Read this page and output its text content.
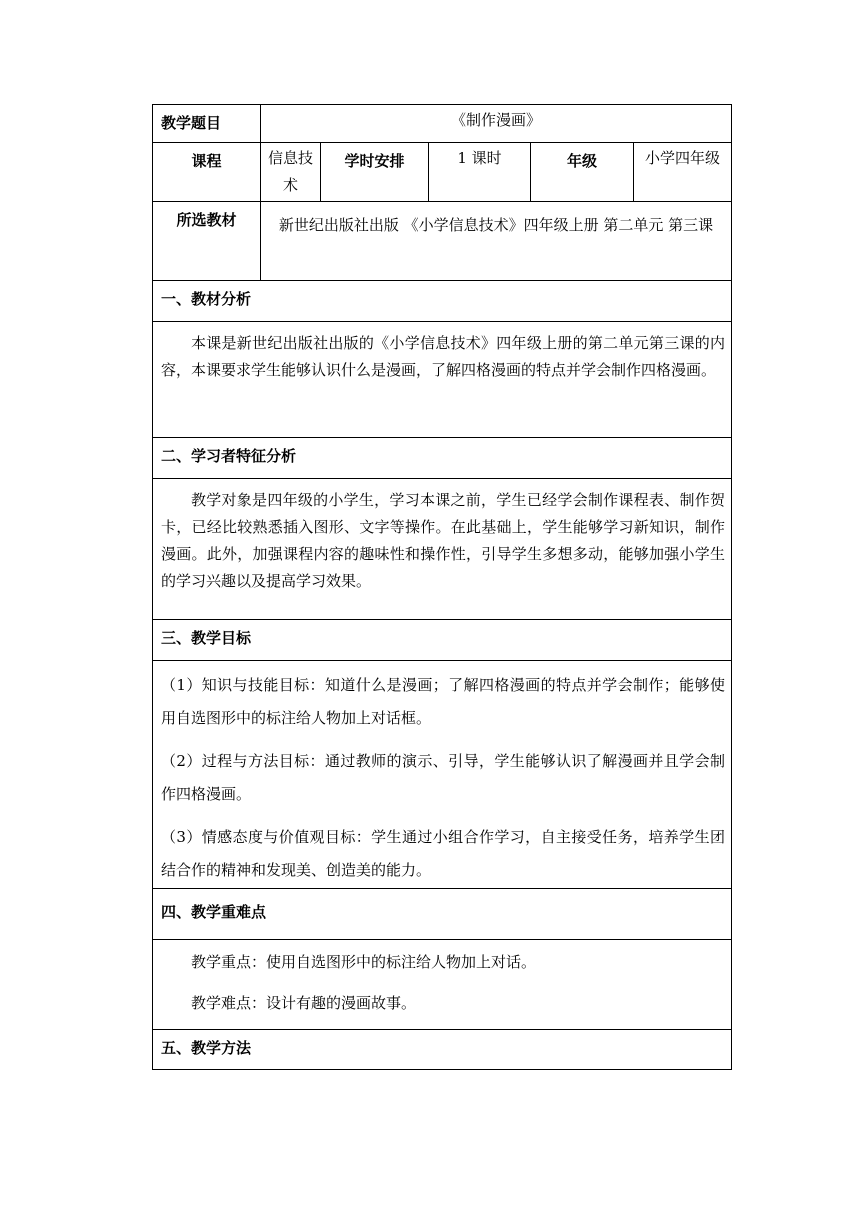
教学题目	《制作漫画》				
课程	信息技术	学时安排	1 课时	年级	小学四年级
所选教材	新世纪出版社出版 《小学信息技术》四年级上册 第二单元 第三课				
一、教材分析					
本课是新世纪出版社出版的《小学信息技术》四年级上册的第二单元第三课的内容，本课要求学生能够认识什么是漫画，了解四格漫画的特点并学会制作四格漫画。					
二、学习者特征分析					
教学对象是四年级的小学生，学习本课之前，学生已经学会制作课程表、制作贺卡，已经比较熟悉插入图形、文字等操作。在此基础上，学生能够学习新知识，制作漫画。此外，加强课程内容的趣味性和操作性，引导学生多想多动，能够加强小学生的学习兴趣以及提高学习效果。					
三、教学目标					

（1）知识与技能目标：知道什么是漫画；了解四格漫画的特点并学会制作；能够使用自选图形中的标注给人物加上对话框。
（2）过程与方法目标：通过教师的演示、引导，学生能够认识了解漫画并且学会制作四格漫画。
（3）情感态度与价值观目标：学生通过小组合作学习，自主接受任务，培养学生团结合作的精神和发现美、创造美的能力。					

四、教学重难点					

教学重点：使用自选图形中的标注给人物加上对话。
教学难点：设计有趣的漫画故事。					

五、教学方法					
